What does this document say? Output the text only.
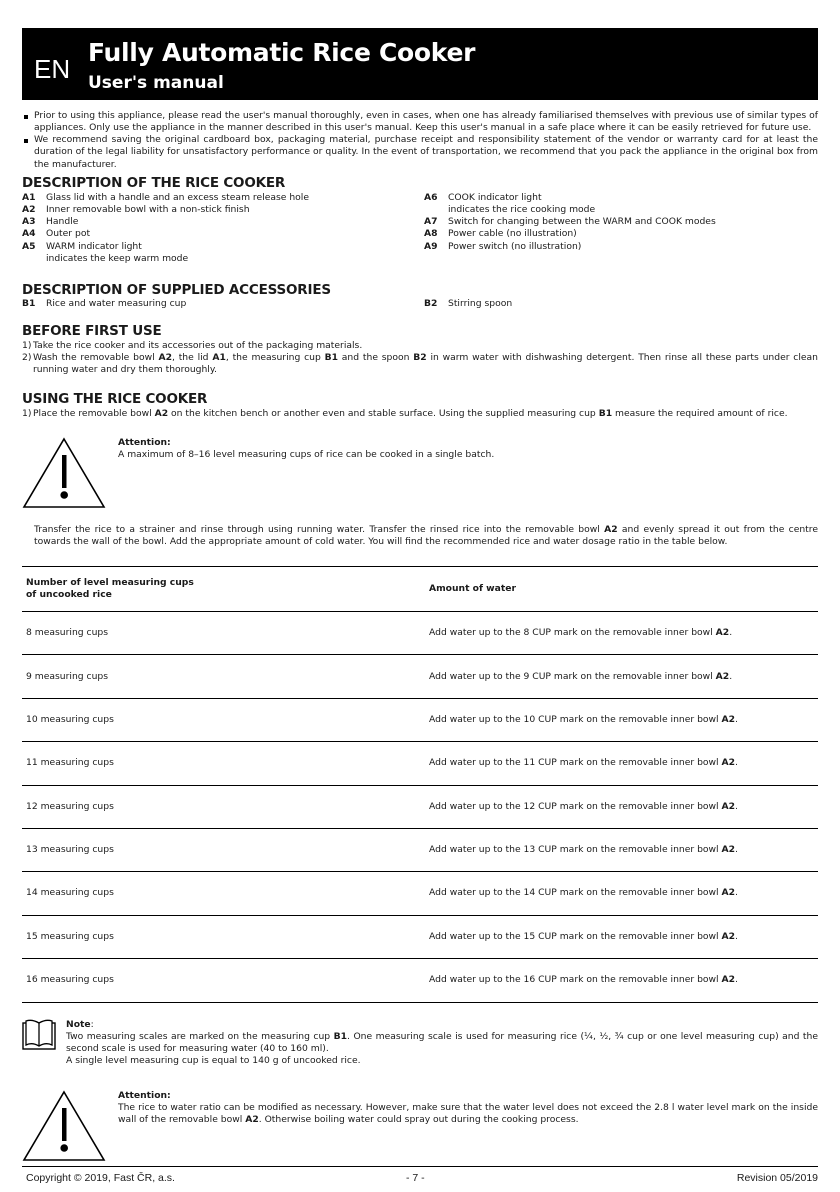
EN
Fully Automatic Rice Cooker
User's manual
Prior to using this appliance, please read the user's manual thoroughly, even in cases, when one has already familiarised themselves with previous use of similar types of appliances. Only use the appliance in the manner described in this user's manual. Keep this user's manual in a safe place where it can be easily retrieved for future use.
We recommend saving the original cardboard box, packaging material, purchase receipt and responsibility statement of the vendor or warranty card for at least the duration of the legal liability for unsatisfactory performance or quality. In the event of transportation, we recommend that you pack the appliance in the original box from the manufacturer.
DESCRIPTION OF THE RICE COOKER
A1	Glass lid with a handle and an excess steam release hole
A2	Inner removable bowl with a non-stick finish
A3	Handle
A4	Outer pot
A5	WARM indicator light
indicates the keep warm mode
A6	COOK indicator light
indicates the rice cooking mode
A7	Switch for changing between the WARM and COOK modes
A8	Power cable (no illustration)
A9	Power switch (no illustration)
DESCRIPTION OF SUPPLIED ACCESSORIES
B1	Rice and water measuring cup	B2	Stirring spoon
BEFORE FIRST USE
1) Take the rice cooker and its accessories out of the packaging materials.
2) Wash the removable bowl A2, the lid A1, the measuring cup B1 and the spoon B2 in warm water with dishwashing detergent. Then rinse all these parts under clean running water and dry them thoroughly.
USING THE RICE COOKER
1) Place the removable bowl A2 on the kitchen bench or another even and stable surface. Using the supplied measuring cup B1 measure the required amount of rice.
Attention:
A maximum of 8–16 level measuring cups of rice can be cooked in a single batch.
Transfer the rice to a strainer and rinse through using running water. Transfer the rinsed rice into the removable bowl A2 and evenly spread it out from the centre towards the wall of the bowl. Add the appropriate amount of cold water. You will find the recommended rice and water dosage ratio in the table below.
Number of level measuring cups
of uncooked rice	Amount of water
8 measuring cups	Add water up to the 8 CUP mark on the removable inner bowl A2.
9 measuring cups	Add water up to the 9 CUP mark on the removable inner bowl A2.
10 measuring cups	Add water up to the 10 CUP mark on the removable inner bowl A2.
11 measuring cups	Add water up to the 11 CUP mark on the removable inner bowl A2.
12 measuring cups	Add water up to the 12 CUP mark on the removable inner bowl A2.
13 measuring cups	Add water up to the 13 CUP mark on the removable inner bowl A2.
14 measuring cups	Add water up to the 14 CUP mark on the removable inner bowl A2.
15 measuring cups	Add water up to the 15 CUP mark on the removable inner bowl A2.
16 measuring cups	Add water up to the 16 CUP mark on the removable inner bowl A2.
Note:
Two measuring scales are marked on the measuring cup B1. One measuring scale is used for measuring rice (¼, ½, ¾ cup or one level measuring cup) and the second scale is used for measuring water (40 to 160 ml).
A single level measuring cup is equal to 140 g of uncooked rice.
Attention:
The rice to water ratio can be modified as necessary. However, make sure that the water level does not exceed the 2.8 l water level mark on the inside wall of the removable bowl A2. Otherwise boiling water could spray out during the cooking process.
Copyright © 2019, Fast ČR, a.s.	- 7 -	Revision 05/2019
